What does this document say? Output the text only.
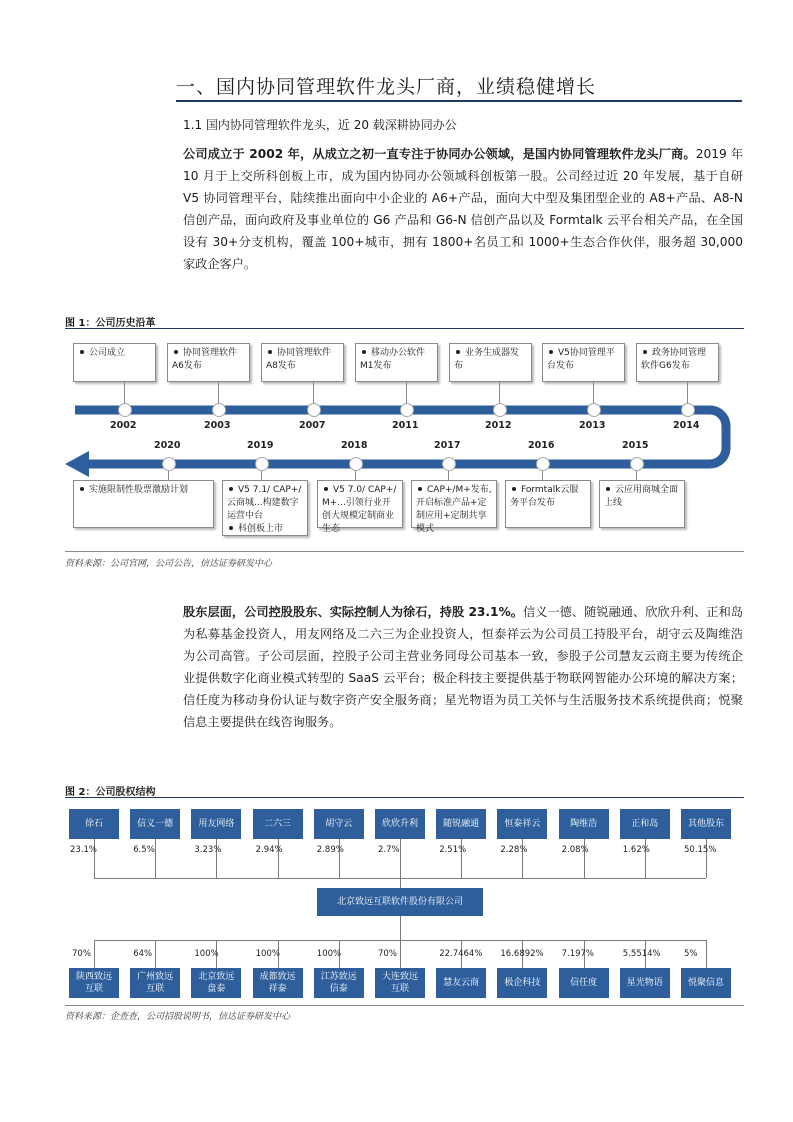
一、国内协同管理软件龙头厂商，业绩稳健增长
1.1 国内协同管理软件龙头，近 20 载深耕协同办公

公司成立于 2002 年，从成立之初一直专注于协同办公领域，是国内协同管理软件龙头厂商。2019 年 10 月于上交所科创板上市，成为国内协同办公领域科创板第一股。公司经过近 20 年发展，基于自研 V5 协同管理平台，陆续推出面向中小企业的 A6+产品，面向大中型及集团型企业的 A8+产品、A8-N 信创产品，面向政府及事业单位的 G6 产品和 G6-N 信创产品以及 Formtalk 云平台相关产品，在全国设有 30+分支机构，覆盖 100+城市，拥有 1800+名员工和 1000+生态合作伙伴，服务超 30,000 家政企客户。

图 1：公司历史沿革
公司成立
2002
协同管理软件A6发布
2003
协同管理软件A8发布
2007
移动办公软件M1发布
2011
业务生成器发布
2012
V5协同管理平台发布
2013
政务协同管理软件G6发布
2014
2020
实施限制性股票激励计划
2019
V5 7.1/ CAP+/云商城...构建数字运营中台
科创板上市
2018
V5 7.0/ CAP+/ M+...引领行业开创大规模定制商业生态
2017
CAP+/M+发布,开启标准产品+定制应用+定制共享模式
2016
Formtalk云服务平台发布
2015
云应用商城全面上线
资料来源：公司官网，公司公告，信达证券研发中心

股东层面，公司控股股东、实际控制人为徐石，持股 23.1%。信义一德、随锐融通、欣欣升利、正和岛为私募基金投资人，用友网络及二六三为企业投资人，恒泰祥云为公司员工持股平台，胡守云及陶维浩为公司高管。子公司层面，控股子公司主营业务同母公司基本一致，参股子公司慧友云商主要为传统企业提供数字化商业模式转型的 SaaS 云平台；极企科技主要提供基于物联网智能办公环境的解决方案；信任度为移动身份认证与数字资产安全服务商；星光物语为员工关怀与生活服务技术系统提供商；悦聚信息主要提供在线咨询服务。

图 2：公司股权结构
北京致远互联软件股份有限公司
徐石
23.1%
信义一德
6.5%
用友网络
3.23%
二六三
2.94%
胡守云
2.89%
欣欣升利
2.7%
随锐融通
2.51%
恒泰祥云
2.28%
陶维浩
2.08%
正和岛
1.62%
其他股东
50.15%
70%
陕西致远互联
64%
广州致远互联
100%
北京致远盘泰
100%
成都致远祥泰
100%
江苏致远信泰
70%
大连致远互联
22.7464%
慧友云商
16.6892%
极企科技
7.197%
信任度
5.5514%
星光物语
5%
悦聚信息
资料来源：企查查，公司招股说明书，信达证券研发中心
